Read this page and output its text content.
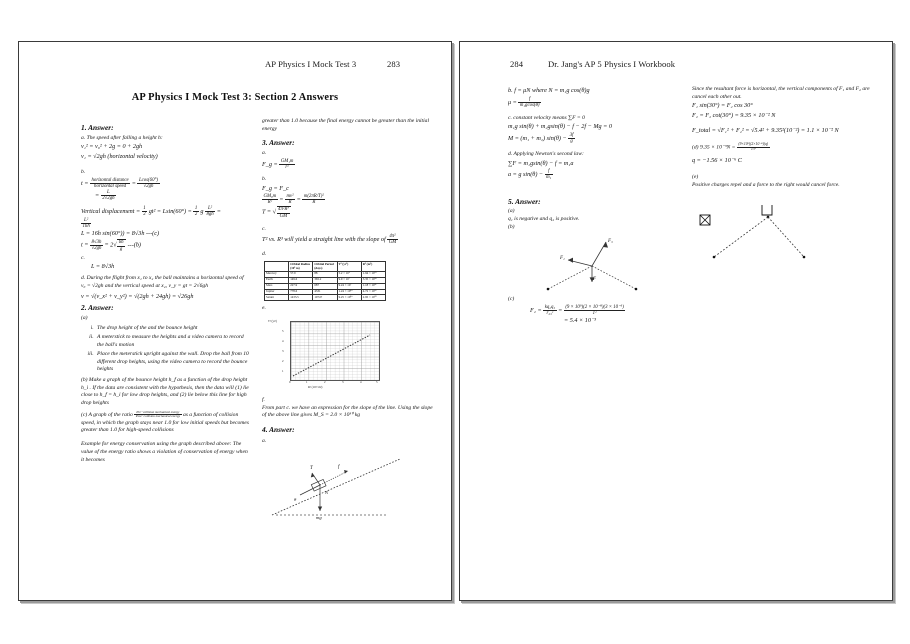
AP Physics I Mock Test 3	283
AP Physics I Mock Test 3: Section 2 Answers
1. Answer:
a. The speed after falling a height h:
v₁² = v₀² + 2g = 0 + 2gh
v₁ = √2gh (horizontal velocity)
b.
$t = \frac{\text{horizontal distance}}{\text{horizontal speed}} = \frac{Lcos(60^\circ)}{√2gh}$
= $\frac{L}{2√2gh}$
Vertical displacement = $\frac{1}{2} gt^2 = Lsin(60^\circ) = \frac{1}{2}$ g $\frac{\text{L²}}{8gh}$ =
$\frac{\text{L²}}{16h}$
L = 16h sin(60°)) = 8√3h ---(c)
$t = \frac{8√3h}{√2gh} = 2√ \frac{6h}{g} ---(b)$
c.
L = 8√3h
d. During the flight from x₁ to x₂ the ball maintains a horizontal speed of v₀ = √2gh and the vertical speed at x₂, v_y = gt = 2√6gh
v = √(v_x² + v_y²) = √(2gh + 24gh) = √26gh
2. Answer:
(a)
i. The drop height of the and the bounce height
ii. A meterstick to measure the heights and a video camera to record the ball's motion
iii. Place the meterstick upright against the wall. Drop the ball from 10 different drop heights, using the video camera to record the bounce heights
(b) Make a graph of the bounce height h_f as a function of the drop height h_i . If the data are consistent with the hypothesis, then the data will (1) lie close to h_f = h_i for low drop heights, and (2) lie below this line for high drop heights
(c) A graph of the ratio $\frac{\text{Pre−collision mechanical energy}}{\text{Post−collision mechanical energy}}$ as a function of collision speed, in which the graph stays near 1.0 for low initial speeds but becomes greater than 1.0 for high-speed collisions
Example for energy conservation using the graph described above: The value of the energy ratio shows a violation of conservation of energy when it becomes
greater than 1.0 because the final energy cannot be greater than the initial energy
3. Answer:
a.
F_g = $\frac{\text{GM₁m}}{\text{r²}}$
b.
F_g = F_c
$\frac{\text{GM₀m}}{\text{R²}} = \frac{\text{mv²}}{R} = \frac{\text{m(2πR/T)²}}{R}$
T = √ $\frac{\text{4π²R³}}{GM}$
c.
T² vs. R³ will yield a straight line with the slope of $\frac{\text{4π²}}{GM}$
d.
	Orbital Radius (10⁹ m)	Orbital Period (days)	T² (yr²)	R³ (m³)
Mercury	57.9	88	5.2 × 10⁶	1.94 × 10²⁹
Earth	149.6	365.2	9.9 × 10⁷	3.35 × 10³⁰
Mars	227.9	687	9.24 × 10⁷	1.18 × 10³¹
Jupiter	778.6	4331	1.24 × 10¹⁰	4.72 × 10³²
Saturn	1433.5	10747	9.25 × 10¹⁰	2.95 × 10³³
e.
T² (yr²)
5
4
3
2
1
0	1	2	3	4	5
R³ (10³³ m³)
f.
From part c. we have an expression for the slope of the line. Using the slope of the above line gives M_S = 2.0 × 10³⁰ kg
4. Answer:
a.
T	f
N
θ
mg
284	Dr. Jang's AP 5 Physics I Workbook
b. f = μN where N = m₁g cos(θ)g
$\mu = \frac{f}{\text{m₁gcos(θ)}}$
c. constant velocity means ∑F = 0
m₁g sin(θ) + m₂gsin(θ) − f − 2f − Mg = 0
M = (m₁ + m₂) $\sin(\theta) - \frac{3f}{g}$
d. Applying Newton's second law:
∑F = m₁gsin(θ) − f = m₁a
a = g $\sin(\theta) - \frac{f}{\text{m₁}}$
5. Answer:
(a)
q₁ is negative and q₂ is positive.
(b)
F₃
F₁
F
(c)
$F_2 = \frac{\text{kq₂q₃}}{\text{r₂₃²}} = \frac{\text{(9 × 10⁹)(2 × 10⁻⁸)(3 × 10⁻⁶)}}{\text{1²}}$
= 5.4 × 10⁻³
Since the resultant force is horizontal, the vertical components of F₁ and F₂ are cancel each other out.
F₁ sin(30°) = F₂ cos 30°
F₂ = F₂ cot(30°) = 9.35 × 10⁻² N
F_total = √F₁² + F₂² = √5.4² + 9.35²(10⁻²) = 1.1 × 10⁻² N
(d) $9.35 \times 10^{-3}N = \frac{\text{(9×10⁹)(2×10⁻⁸)(q)}}{\text{√3²}}$
q = −1.56 × 10⁻⁶ C
(e)
Positive charges repel and a force to the right would cancel force.
